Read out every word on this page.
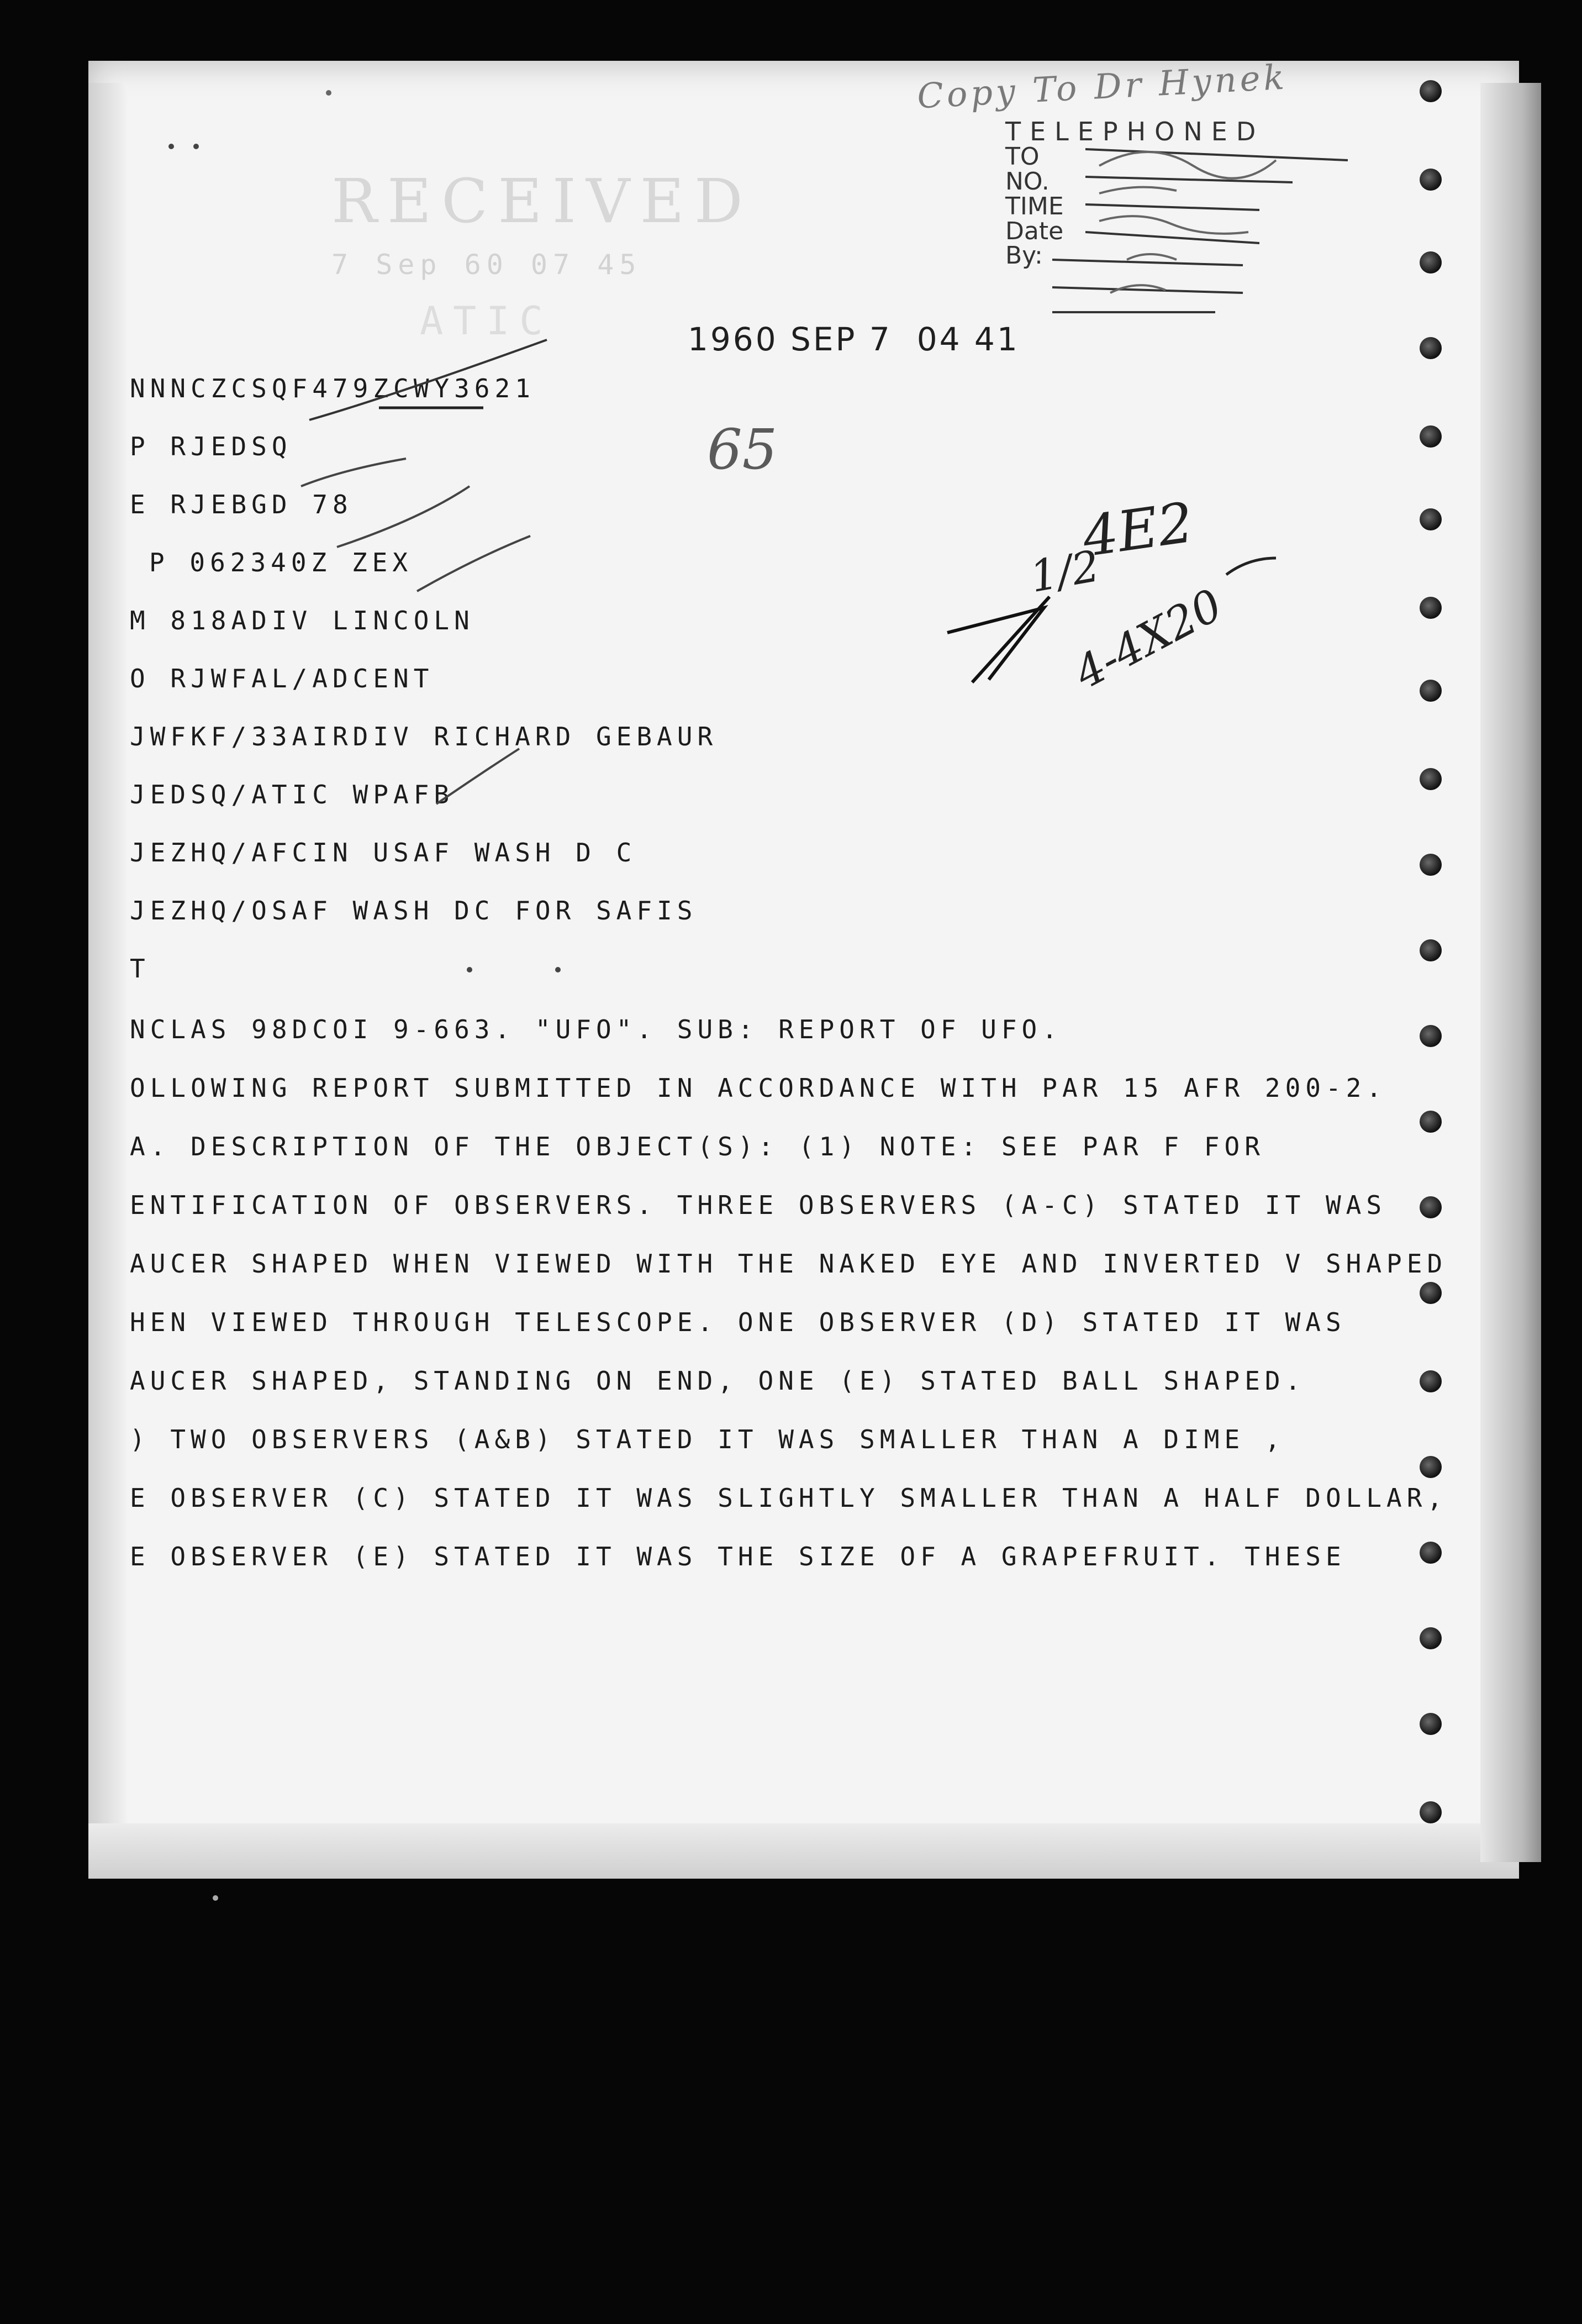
Copy To Dr Hynek
RECEIVED
7 Sep 60 07 45
ATIC
TELEPHONED
TO
NO.
TIME
Date
By:
1960 SEP 7  04 41
65
4E2
1/2
4-4X20
NNNCZCSQF479ZCWY3621
P RJEDSQ
E RJEBGD 78
P 062340Z ZEX
M 818ADIV LINCOLN
O RJWFAL/ADCENT
JWFKF/33AIRDIV RICHARD GEBAUR
JEDSQ/ATIC WPAFB
JEZHQ/AFCIN USAF WASH D C
JEZHQ/OSAF WASH DC FOR SAFIS
T
NCLAS 98DCOI 9-663. "UFO". SUB: REPORT OF UFO.
OLLOWING REPORT SUBMITTED IN ACCORDANCE WITH PAR 15 AFR 200-2.
A. DESCRIPTION OF THE OBJECT(S): (1) NOTE: SEE PAR F FOR
ENTIFICATION OF OBSERVERS. THREE OBSERVERS (A-C) STATED IT WAS
AUCER SHAPED WHEN VIEWED WITH THE NAKED EYE AND INVERTED V SHAPED
HEN VIEWED THROUGH TELESCOPE. ONE OBSERVER (D) STATED IT WAS
AUCER SHAPED, STANDING ON END, ONE (E) STATED BALL SHAPED.
) TWO OBSERVERS (A&B) STATED IT WAS SMALLER THAN A DIME ,
E OBSERVER (C) STATED IT WAS SLIGHTLY SMALLER THAN A HALF DOLLAR,
E OBSERVER (E) STATED IT WAS THE SIZE OF A GRAPEFRUIT. THESE
